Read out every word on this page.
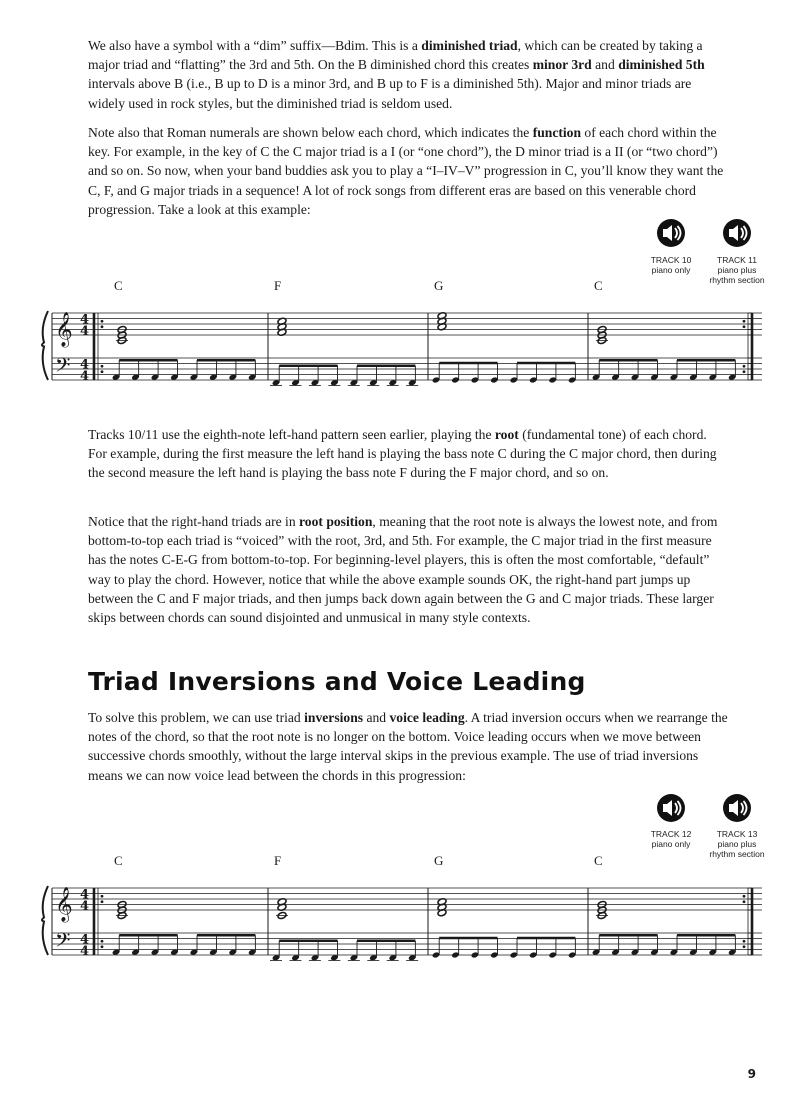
We also have a symbol with a “dim” suffix—Bdim. This is a diminished triad, which can be created by taking a major triad and “flatting” the 3rd and 5th. On the B diminished chord this creates minor 3rd and diminished 5th intervals above B (i.e., B up to D is a minor 3rd, and B up to F is a diminished 5th). Major and minor triads are widely used in rock styles, but the diminished triad is seldom used.

Note also that Roman numerals are shown below each chord, which indicates the function of each chord within the key. For example, in the key of C the C major triad is a I (or “one chord”), the D minor triad is a II (or “two chord”) and so on. So now, when your band buddies ask you to play a “I–IV–V” progression in C, you’ll know they want the C, F, and G major triads in a sequence! A lot of rock songs from different eras are based on this venerable chord progression. Take a look at this example:

TRACK 10
piano only
TRACK 11
piano plus
rhythm section
𝄞
𝄢
4
4
4
4
C	F	G	C

Tracks 10/11 use the eighth-note left-hand pattern seen earlier, playing the root (fundamental tone) of each chord. For example, during the first measure the left hand is playing the bass note C during the C major chord, then during the second measure the left hand is playing the bass note F during the F major chord, and so on.

Notice that the right-hand triads are in root position, meaning that the root note is always the lowest note, and from bottom-to-top each triad is “voiced” with the root, 3rd, and 5th. For example, the C major triad in the first measure has the notes C-E-G from bottom-to-top. For beginning-level players, this is often the most comfortable, “default” way to play the chord. However, notice that while the above example sounds OK, the right-hand part jumps up between the C and F major triads, and then jumps back down again between the G and C major triads. These larger skips between chords can sound disjointed and unmusical in many style contexts.

Triad Inversions and Voice Leading

To solve this problem, we can use triad inversions and voice leading. A triad inversion occurs when we rearrange the notes of the chord, so that the root note is no longer on the bottom. Voice leading occurs when we move between successive chords smoothly, without the large interval skips in the previous example. The use of triad inversions means we can now voice lead between the chords in this progression:

TRACK 12
piano only
TRACK 13
piano plus
rhythm section
𝄞
𝄢
4
4
4
4
C	F	G	C
9
